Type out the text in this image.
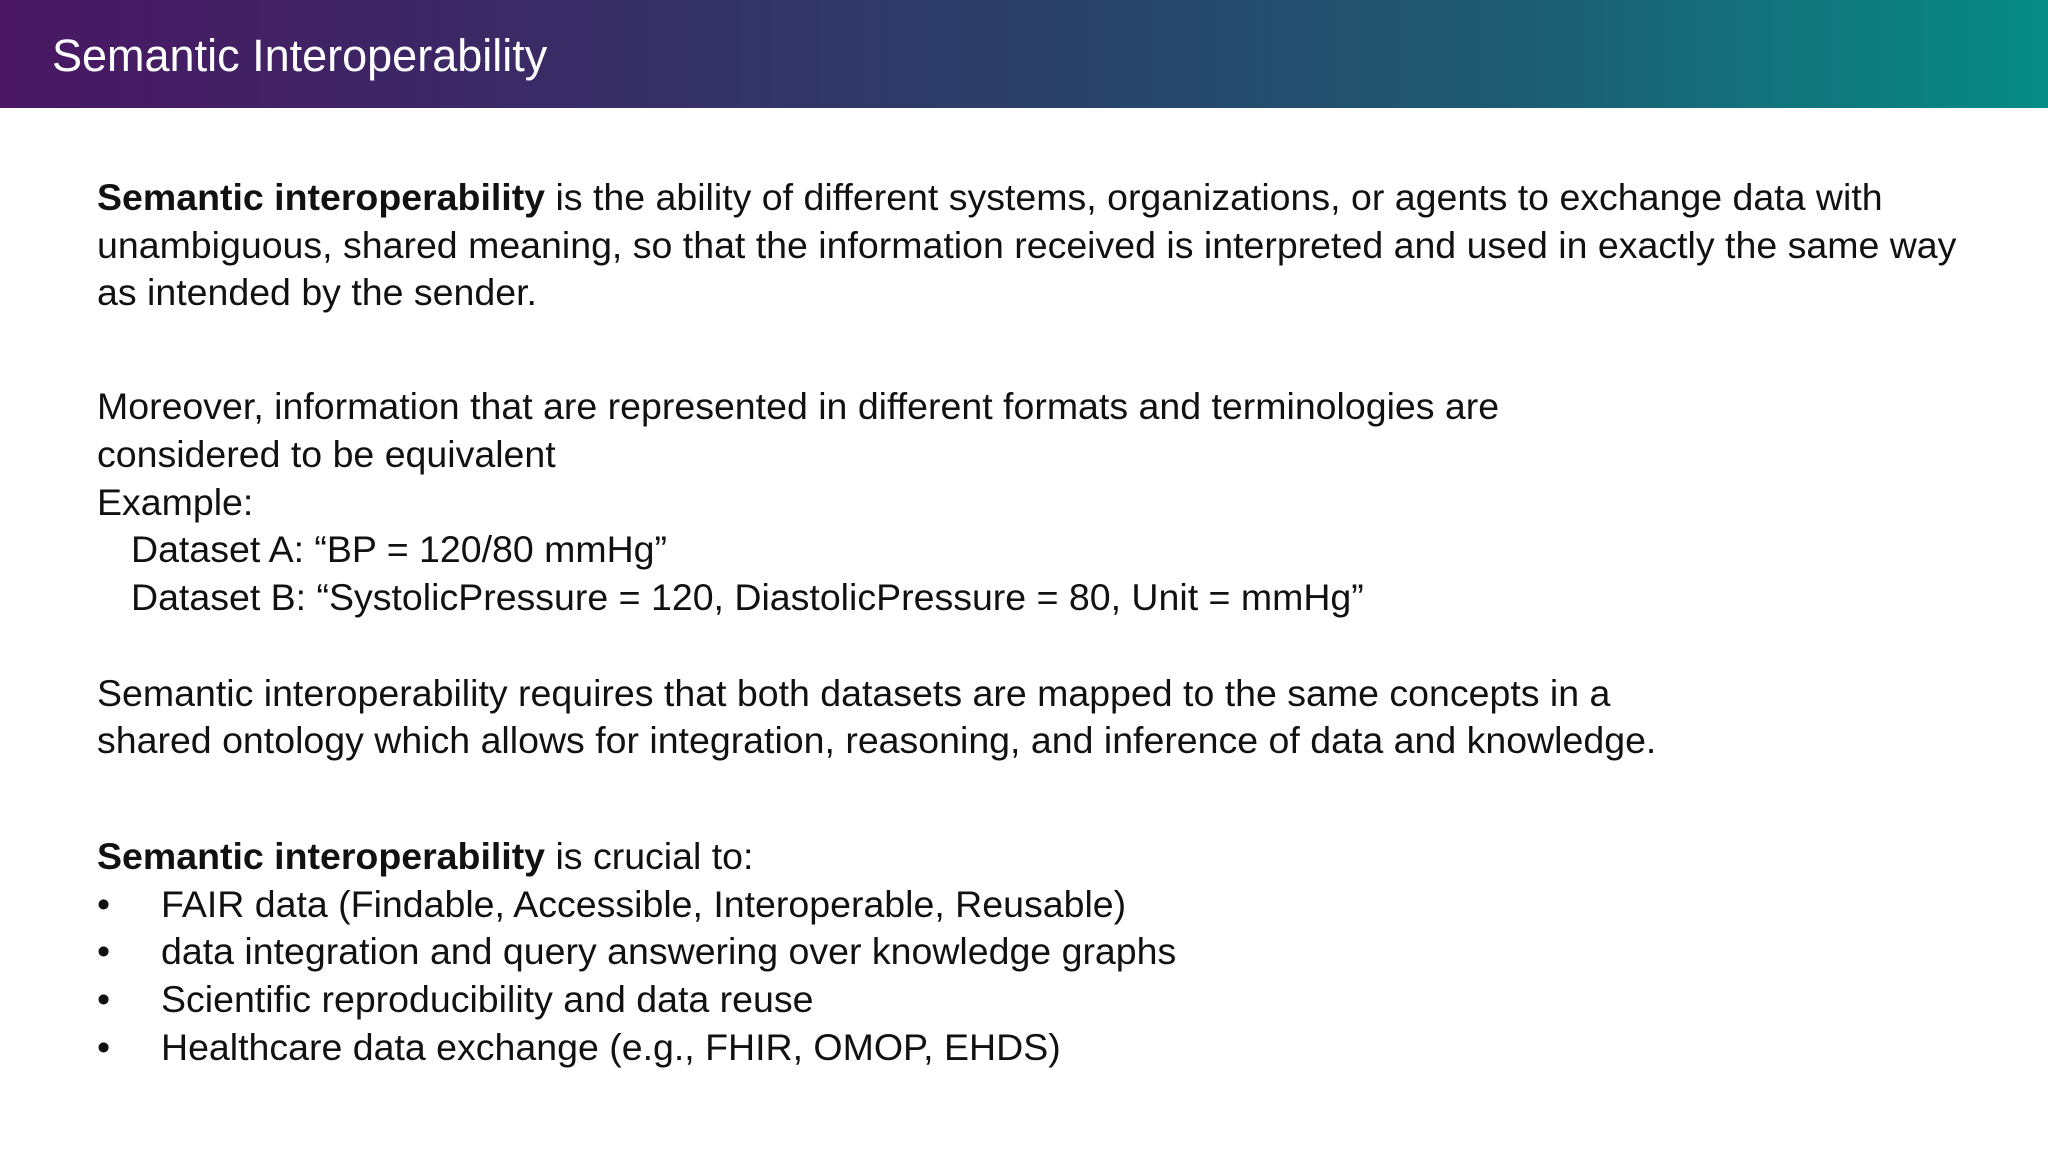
Semantic Interoperability

Semantic interoperability is the ability of different systems, organizations, or agents to exchange data with unambiguous, shared meaning, so that the information received is interpreted and used in exactly the same way as intended by the sender.

Moreover, information that are represented in different formats and terminologies are

considered to be equivalent

Example:

Dataset A: “BP = 120/80 mmHg”

Dataset B: “SystolicPressure = 120, DiastolicPressure = 80, Unit = mmHg”

Semantic interoperability requires that both datasets are mapped to the same concepts in a

shared ontology which allows for integration, reasoning, and inference of data and knowledge.

Semantic interoperability is crucial to:

• FAIR data (Findable, Accessible, Interoperable, Reusable)
• data integration and query answering over knowledge graphs
• Scientific reproducibility and data reuse
• Healthcare data exchange (e.g., FHIR, OMOP, EHDS)
